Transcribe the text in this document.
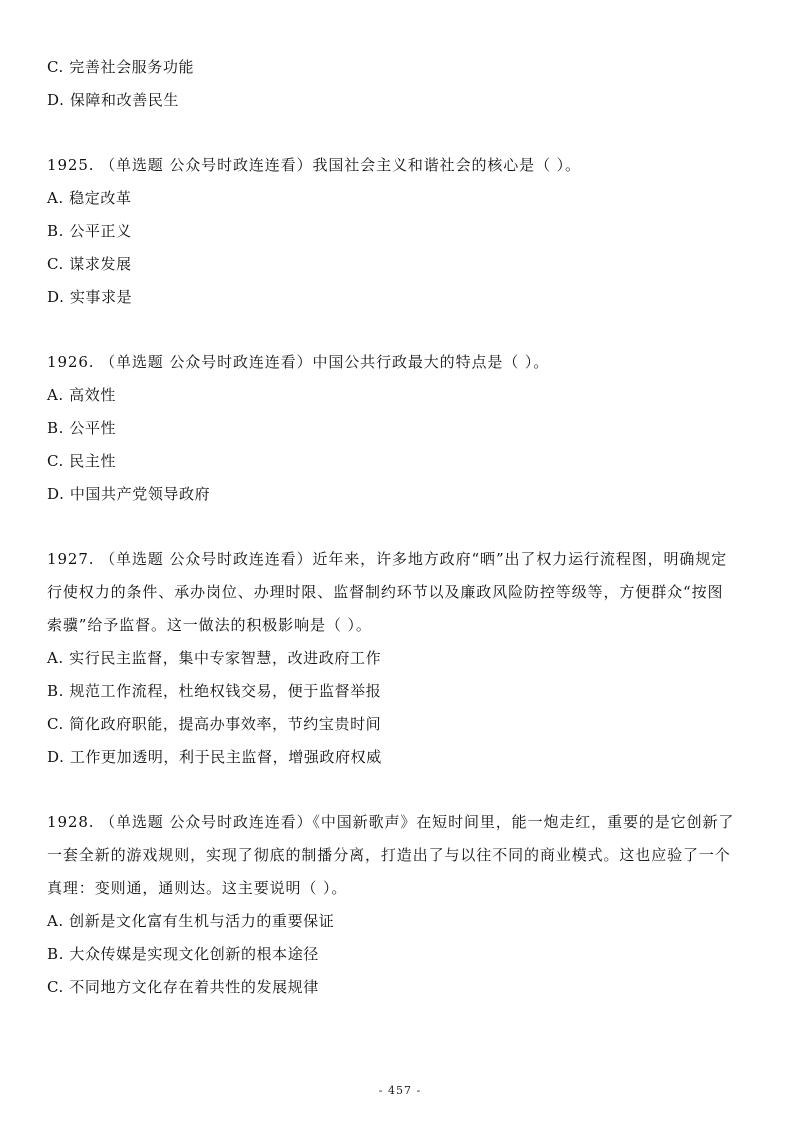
C. 完善社会服务功能
D. 保障和改善民生
1925. （单选题 公众号时政连连看）我国社会主义和谐社会的核心是（ ）。
A. 稳定改革
B. 公平正义
C. 谋求发展
D. 实事求是
1926. （单选题 公众号时政连连看）中国公共行政最大的特点是（ ）。
A. 高效性
B. 公平性
C. 民主性
D. 中国共产党领导政府
1927. （单选题 公众号时政连连看）近年来，许多地方政府“晒”出了权力运行流程图，明确规定
行使权力的条件、承办岗位、办理时限、监督制约环节以及廉政风险防控等级等，方便群众“按图
索骥”给予监督。这一做法的积极影响是（ ）。
A. 实行民主监督，集中专家智慧，改进政府工作
B. 规范工作流程，杜绝权钱交易，便于监督举报
C. 简化政府职能，提高办事效率，节约宝贵时间
D. 工作更加透明，利于民主监督，增强政府权威
1928. （单选题 公众号时政连连看）《中国新歌声》在短时间里，能一炮走红，重要的是它创新了
一套全新的游戏规则，实现了彻底的制播分离，打造出了与以往不同的商业模式。这也应验了一个
真理：变则通，通则达。这主要说明（ ）。
A. 创新是文化富有生机与活力的重要保证
B. 大众传媒是实现文化创新的根本途径
C. 不同地方文化存在着共性的发展规律
- 457 -
